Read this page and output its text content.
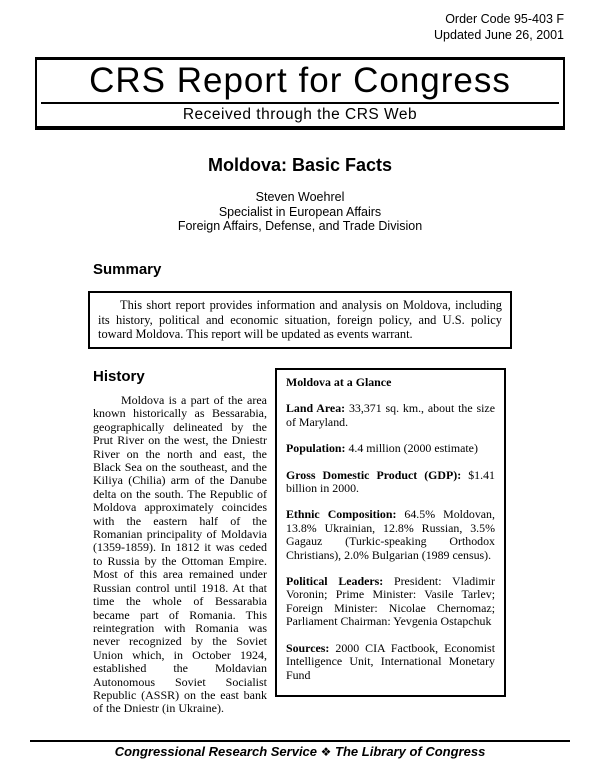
Order Code 95-403 F
Updated June 26, 2001
CRS Report for Congress
Received through the CRS Web
Moldova: Basic Facts
Steven Woehrel
Specialist in European Affairs
Foreign Affairs, Defense, and Trade Division
Summary

This short report provides information and analysis on Moldova, including its history, political and economic situation, foreign policy, and U.S. policy toward Moldova. This report will be updated as events warrant.

History

Moldova is a part of the area known historically as Bessarabia, geographically delineated by the Prut River on the west, the Dniestr River on the north and east, the Black Sea on the southeast, and the Kiliya (Chilia) arm of the Danube delta on the south. The Republic of Moldova approximately coincides with the eastern half of the Romanian principality of Moldavia (1359-1859). In 1812 it was ceded to Russia by the Ottoman Empire. Most of this area remained under Russian control until 1918. At that time the whole of Bessarabia became part of Romania. This reintegration with Romania was never recognized by the Soviet Union which, in October 1924, established the Moldavian Autonomous Soviet Socialist Republic (ASSR) on the east bank of the Dniestr (in Ukraine).

Moldova at a Glance

Land Area: 33,371 sq. km., about the size of Maryland.

Population: 4.4 million (2000 estimate)

Gross Domestic Product (GDP): $1.41 billion in 2000.

Ethnic Composition: 64.5% Moldovan, 13.8% Ukrainian, 12.8% Russian, 3.5% Gagauz (Turkic-speaking Orthodox Christians), 2.0% Bulgarian (1989 census).

Political Leaders: President: Vladimir Voronin; Prime Minister: Vasile Tarlev; Foreign Minister: Nicolae Chernomaz; Parliament Chairman: Yevgenia Ostapchuk

Sources: 2000 CIA Factbook, Economist Intelligence Unit, International Monetary Fund

Congressional Research Service ❖ The Library of Congress
